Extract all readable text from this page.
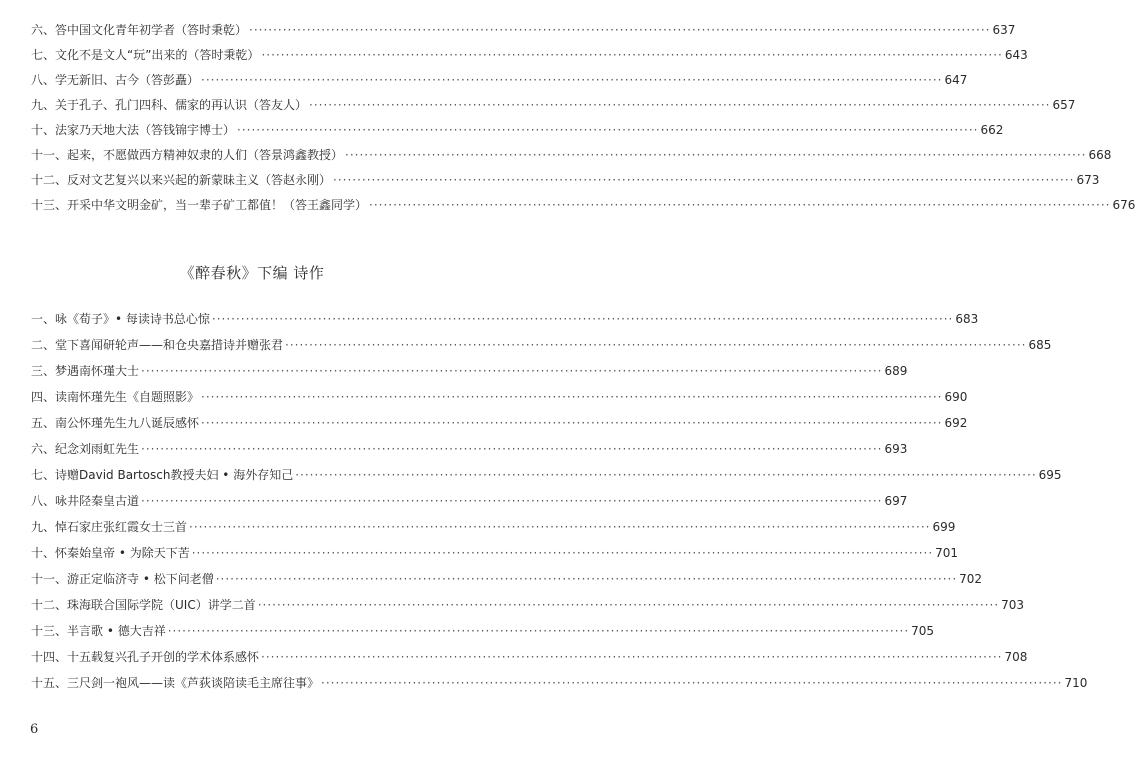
六、答中国文化青年初学者（答时秉乾） ·····	637
七、文化不是文人“玩”出来的（答时秉乾） ·····	643
八、学无新旧、古今（答彭矗） ·····	647
九、关于孔子、孔门四科、儒家的再认识（答友人） ·····	657
十、法家乃天地大法（答钱锦宇博士） ·····	662
十一、起来，不愿做西方精神奴隶的人们（答景鸿鑫教授） ·····	668
十二、反对文艺复兴以来兴起的新蒙昧主义（答赵永刚） ·····	673
十三、开采中华文明金矿，当一辈子矿工都值！（答王鑫同学） ·····	676
《醉春秋》下编 诗作
一、咏《荀子》• 每读诗书总心惊 ·····	683
二、堂下喜闻研轮声——和仓央嘉措诗并赠张君 ·····	685
三、梦遇南怀瑾大士 ·····	689
四、读南怀瑾先生《自题照影》 ·····	690
五、南公怀瑾先生九八诞辰感怀 ·····	692
六、纪念刘雨虹先生 ·····	693
七、诗赠David Bartosch教授夫妇 • 海外存知己 ·····	695
八、咏井陉秦皇古道 ·····	697
九、悼石家庄张红霞女士三首 ·····	699
十、怀秦始皇帝 • 为除天下苦 ·····	701
十一、游正定临济寺 • 松下问老僧 ·····	702
十二、珠海联合国际学院（UIC）讲学二首 ·····	703
十三、半言歌 • 德大吉祥 ·····	705
十四、十五载复兴孔子开创的学术体系感怀 ·····	708
十五、三尺剑一袍风——读《芦荻谈陪读毛主席往事》 ·····	710
6
